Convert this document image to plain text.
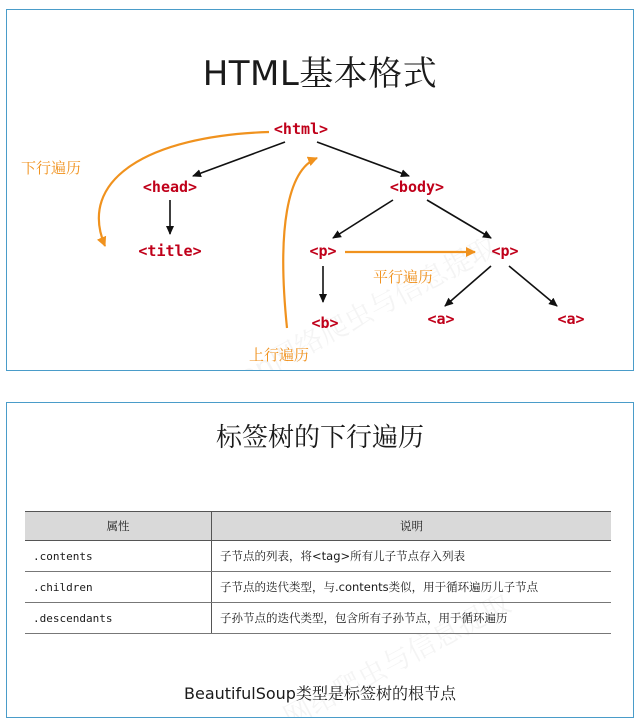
HTML基本格式
<html>
<head>
<title>
<body>
<p>	<p>
<b>	<a>	<a>
下行遍历
上行遍历
平行遍历
标签树的下行遍历
属性	说明
.contents	子节点的列表，将<tag>所有儿子节点存入列表
.children	子节点的迭代类型，与.contents类似，用于循环遍历儿子节点
.descendants	子孙节点的迭代类型，包含所有子孙节点，用于循环遍历
BeautifulSoup类型是标签树的根节点
